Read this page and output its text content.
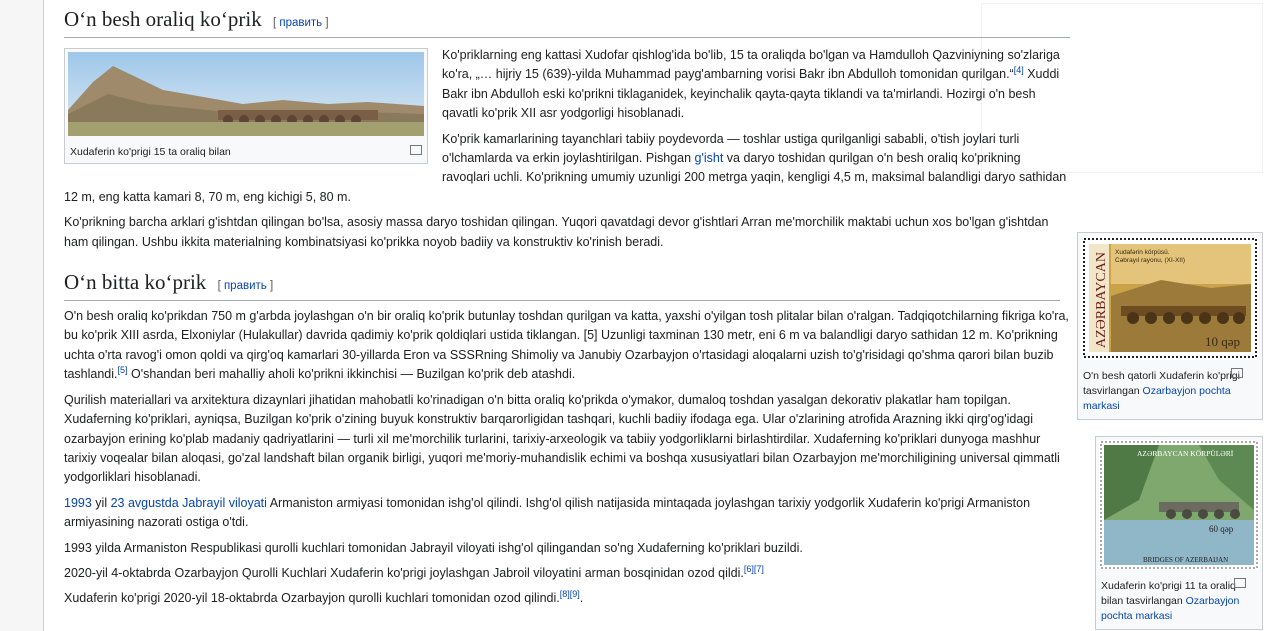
O‘n besh oraliq ko‘prik [ править ]
Xudaferin ko'prigi 15 ta oraliq bilan

Ko'priklarning eng kattasi Xudofar qishlog'ida bo'lib, 15 ta oraliqda bo'lgan va Hamdulloh Qazviniyning so'zlariga ko'ra, „… hijriy 15 (639)-yilda Muhammad payg'ambarning vorisi Bakr ibn Abdulloh tomonidan qurilgan.“[4] Xuddi Bakr ibn Abdulloh eski ko'prikni tiklaganidek, keyinchalik qayta-qayta tiklandi va ta'mirlandi. Hozirgi o'n besh qavatli ko'prik XII asr yodgorligi hisoblanadi.

Ko'prik kamarlarining tayanchlari tabiiy poydevorda — toshlar ustiga qurilganligi sababli, o'tish joylari turli o'lchamlarda va erkin joylashtirilgan. Pishgan g'isht va daryo toshidan qurilgan o'n besh oraliq ko'prikning ravoqlari uchli. Ko'prikning umumiy uzunligi 200 metrga yaqin, kengligi 4,5 m, maksimal balandligi daryo sathidan 12 m, eng katta kamari 8, 70 m, eng kichigi 5, 80 m.

Ko'prikning barcha arklari g'ishtdan qilingan bo'lsa, asosiy massa daryo toshidan qilingan. Yuqori qavatdagi devor g'ishtlari Arran me'morchilik maktabi uchun xos bo'lgan g'ishtdan ham qilingan. Ushbu ikkita materialning kombinatsiyasi ko'prikka noyob badiiy va konstruktiv ko'rinish beradi.

O‘n bitta ko‘prik [ править ]

O'n besh oraliq ko'prikdan 750 m g'arbda joylashgan o'n bir oraliq ko'prik butunlay toshdan qurilgan va katta, yaxshi o'yilgan tosh plitalar bilan o'ralgan. Tadqiqotchilarning fikriga ko'ra, bu ko'prik XIII asrda, Elxoniylar (Hulakullar) davrida qadimiy ko'prik qoldiqlari ustida tiklangan. [5] Uzunligi taxminan 130 metr, eni 6 m va balandligi daryo sathidan 12 m. Ko'prikning uchta o'rta ravog'i omon qoldi va qirg'oq kamarlari 30-yillarda Eron va SSSRning Shimoliy va Janubiy Ozarbayjon o'rtasidagi aloqalarni uzish to'g'risidagi qo'shma qarori bilan buzib tashlandi.[5] O'shandan beri mahalliy aholi ko'prikni ikkinchisi — Buzilgan ko'prik deb atashdi.

Qurilish materiallari va arxitektura dizaynlari jihatidan mahobatli ko'rinadigan o'n bitta oraliq ko'prikda o'ymakor, dumaloq toshdan yasalgan dekorativ plakatlar ham topilgan. Xudaferning ko'priklari, ayniqsa, Buzilgan ko'prik o'zining buyuk konstruktiv barqarorligidan tashqari, kuchli badiiy ifodaga ega. Ular o'zlarining atrofida Arazning ikki qirg'og'idagi ozarbayjon erining ko'plab madaniy qadriyatlarini — turli xil me'morchilik turlarini, tarixiy-arxeologik va tabiiy yodgorliklarni birlashtirdilar. Xudaferning ko'priklari dunyoga mashhur tarixiy voqealar bilan aloqasi, go'zal landshaft bilan organik birligi, yuqori me'moriy-muhandislik echimi va boshqa xususiyatlari bilan Ozarbayjon me'morchiligining universal qimmatli yodgorliklari hisoblanadi.

1993 yil 23 avgustda Jabrayil viloyati Armaniston armiyasi tomonidan ishg'ol qilindi. Ishg'ol qilish natijasida mintaqada joylashgan tarixiy yodgorlik Xudaferin ko'prigi Armaniston armiyasining nazorati ostiga o'tdi.

1993 yilda Armaniston Respublikasi qurolli kuchlari tomonidan Jabrayil viloyati ishg'ol qilingandan so'ng Xudaferning ko'priklari buzildi.

2020-yil 4-oktabrda Ozarbayjon Qurolli Kuchlari Xudaferin ko'prigi joylashgan Jabroil viloyatini arman bosqinidan ozod qildi.[6][7]

Xudaferin ko'prigi 2020-yil 18-oktabrda Ozarbayjon qurolli kuchlari tomonidan ozod qilindi.[8][9].

AZƏRBAYCAN Xudafərin körpüsü.
Cəbrayıl rayonu, (XI-XII)
10 qəp
O'n besh qatorli Xudaferin ko'prigi tasvirlangan Ozarbayjon pochta markasi
AZƏRBAYCAN KÖRPÜLƏRİ
60 qəp
BRIDGES OF AZERBAIJAN
Xudaferin ko'prigi 11 ta oraliq bilan tasvirlangan Ozarbayjon pochta markasi
